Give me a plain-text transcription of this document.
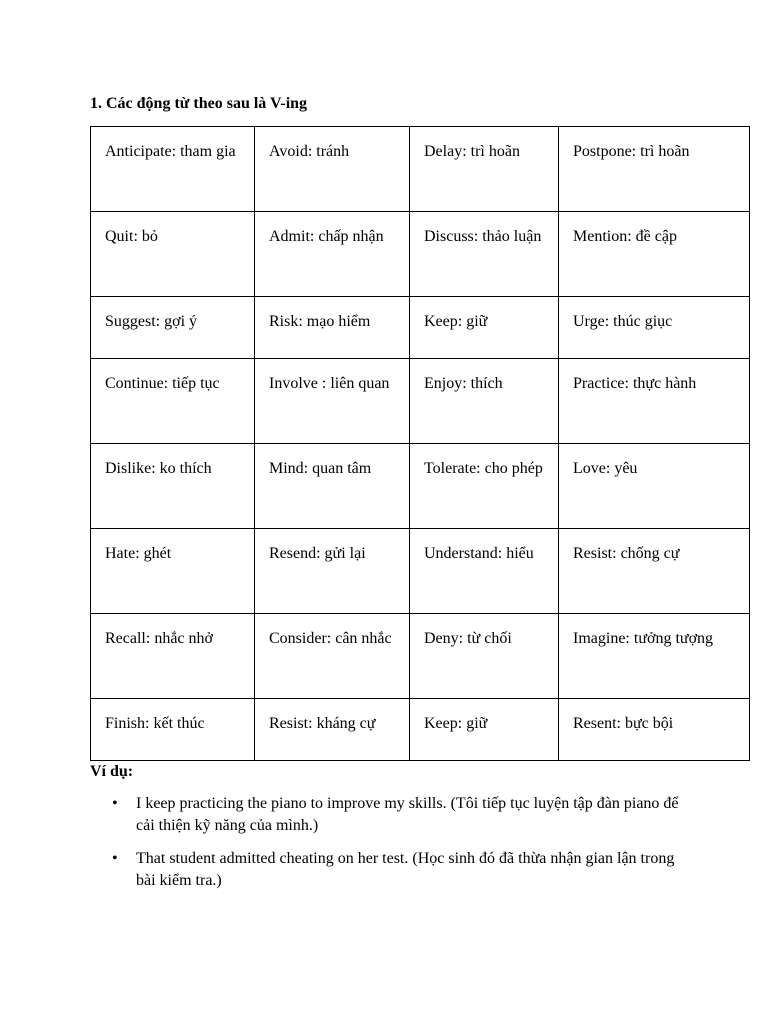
1. Các động từ theo sau là V-ing

Anticipate: tham gia	Avoid: tránh	Delay: trì hoãn	Postpone: trì hoãn
Quit: bỏ	Admit: chấp nhận	Discuss: thảo luận	Mention: đề cập
Suggest: gợi ý	Risk: mạo hiểm	Keep: giữ	Urge: thúc giục
Continue: tiếp tục	Involve : liên quan	Enjoy: thích	Practice: thực hành
Dislike: ko thích	Mind: quan tâm	Tolerate: cho phép	Love: yêu
Hate: ghét	Resend: gửi lại	Understand: hiểu	Resist: chống cự
Recall: nhắc nhở	Consider: cân nhắc	Deny: từ chối	Imagine: tưởng tượng
Finish: kết thúc	Resist: kháng cự	Keep: giữ	Resent: bực bội

Ví dụ:

• I keep practicing the piano to improve my skills. (Tôi tiếp tục luyện tập đàn piano để cải thiện kỹ năng của mình.)
• That student admitted cheating on her test. (Học sinh đó đã thừa nhận gian lận trong bài kiểm tra.)
